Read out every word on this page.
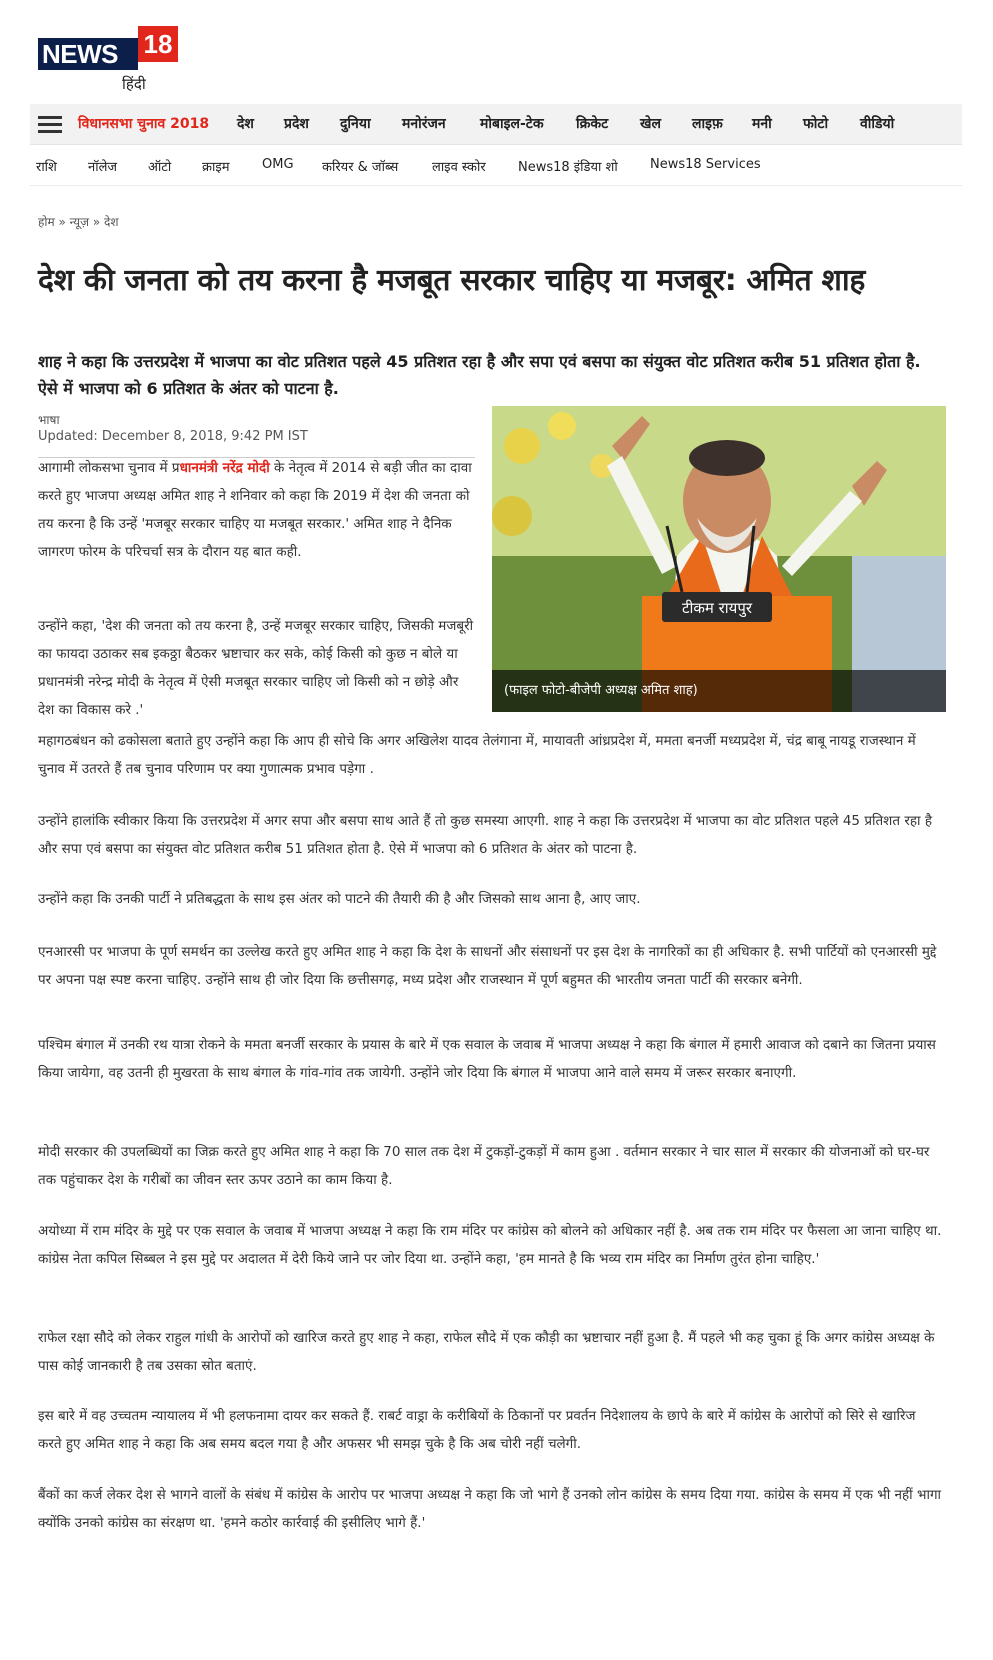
NEWS 18
हिंदी
विधानसभा चुनाव 2018 देश प्रदेश दुनिया मनोरंजन मोबाइल-टेक क्रिकेट खेल लाइफ़ मनी फोटो वीडियो
राशि नॉलेज ऑटो क्राइम OMG करियर & जॉब्स	लाइव स्कोर News18 इंडिया शो News18 Services
होम » न्यूज़ » देश
देश की जनता को तय करना है मजबूत सरकार चाहिए या मजबूर: अमित शाह
शाह ने कहा कि उत्तरप्रदेश में भाजपा का वोट प्रतिशत पहले 45 प्रतिशत रहा है और सपा एवं बसपा का संयुक्त वोट प्रतिशत करीब 51 प्रतिशत होता है. ऐसे में भाजपा को 6 प्रतिशत के अंतर को पाटना है.
भाषा
Updated: December 8, 2018, 9:42 PM IST
टीकम रायपुर
(फाइल फोटो-बीजेपी अध्यक्ष अमित शाह)

आगामी लोकसभा चुनाव में प्रधानमंत्री नरेंद्र मोदी के नेतृत्व में 2014 से बड़ी जीत का दावा करते हुए भाजपा अध्यक्ष अमित शाह ने शनिवार को कहा कि 2019 में देश की जनता को तय करना है कि उन्हें 'मजबूर सरकार चाहिए या मजबूत सरकार.' अमित शाह ने दैनिक जागरण फोरम के परिचर्चा सत्र के दौरान यह बात कही.

उन्होंने कहा, 'देश की जनता को तय करना है, उन्हें मजबूर सरकार चाहिए, जिसकी मजबूरी का फायदा उठाकर सब इकठ्ठा बैठकर भ्रष्टाचार कर सके, कोई किसी को कुछ न बोले या प्रधानमंत्री नरेन्द्र मोदी के नेतृत्व में ऐसी मजबूत सरकार चाहिए जो किसी को न छोड़े और देश का विकास करे .'

महागठबंधन को ढकोसला बताते हुए उन्होंने कहा कि आप ही सोचे कि अगर अखिलेश यादव तेलंगाना में, मायावती आंध्रप्रदेश में, ममता बनर्जी मध्यप्रदेश में, चंद्र बाबू नायडू राजस्थान में चुनाव में उतरते हैं तब चुनाव परिणाम पर क्या गुणात्मक प्रभाव पड़ेगा .

उन्होंने हालांकि स्वीकार किया कि उत्तरप्रदेश में अगर सपा और बसपा साथ आते हैं तो कुछ समस्या आएगी. शाह ने कहा कि उत्तरप्रदेश में भाजपा का वोट प्रतिशत पहले 45 प्रतिशत रहा है और सपा एवं बसपा का संयुक्त वोट प्रतिशत करीब 51 प्रतिशत होता है. ऐसे में भाजपा को 6 प्रतिशत के अंतर को पाटना है.

उन्होंने कहा कि उनकी पार्टी ने प्रतिबद्धता के साथ इस अंतर को पाटने की तैयारी की है और जिसको साथ आना है, आए जाए.

एनआरसी पर भाजपा के पूर्ण समर्थन का उल्लेख करते हुए अमित शाह ने कहा कि देश के साधनों और संसाधनों पर इस देश के नागरिकों का ही अधिकार है. सभी पार्टियों को एनआरसी मुद्दे पर अपना पक्ष स्पष्ट करना चाहिए. उन्होंने साथ ही जोर दिया कि छत्तीसगढ़, मध्य प्रदेश और राजस्थान में पूर्ण बहुमत की भारतीय जनता पार्टी की सरकार बनेगी.

पश्चिम बंगाल में उनकी रथ यात्रा रोकने के ममता बनर्जी सरकार के प्रयास के बारे में एक सवाल के जवाब में भाजपा अध्यक्ष ने कहा कि बंगाल में हमारी आवाज को दबाने का जितना प्रयास किया जायेगा, वह उतनी ही मुखरता के साथ बंगाल के गांव-गांव तक जायेगी. उन्होंने जोर दिया कि बंगाल में भाजपा आने वाले समय में जरूर सरकार बनाएगी.

मोदी सरकार की उपलब्धियों का जिक्र करते हुए अमित शाह ने कहा कि 70 साल तक देश में टुकड़ों-टुकड़ों में काम हुआ . वर्तमान सरकार ने चार साल में सरकार की योजनाओं को घर-घर तक पहुंचाकर देश के गरीबों का जीवन स्तर ऊपर उठाने का काम किया है.

अयोध्या में राम मंदिर के मुद्दे पर एक सवाल के जवाब में भाजपा अध्यक्ष ने कहा कि राम मंदिर पर कांग्रेस को बोलने को अधिकार नहीं है. अब तक राम मंदिर पर फैसला आ जाना चाहिए था. कांग्रेस नेता कपिल सिब्बल ने इस मुद्दे पर अदालत में देरी किये जाने पर जोर दिया था. उन्होंने कहा, 'हम मानते है कि भव्य राम मंदिर का निर्माण तुरंत होना चाहिए.'

राफेल रक्षा सौदे को लेकर राहुल गांधी के आरोपों को खारिज करते हुए शाह ने कहा, राफेल सौदे में एक कौड़ी का भ्रष्टाचार नहीं हुआ है. मैं पहले भी कह चुका हूं कि अगर कांग्रेस अध्यक्ष के पास कोई जानकारी है तब उसका स्रोत बताएं.

इस बारे में वह उच्चतम न्यायालय में भी हलफनामा दायर कर सकते हैं. राबर्ट वाड्रा के करीबियों के ठिकानों पर प्रवर्तन निदेशालय के छापे के बारे में कांग्रेस के आरोपों को सिरे से खारिज करते हुए अमित शाह ने कहा कि अब समय बदल गया है और अफसर भी समझ चुके है कि अब चोरी नहीं चलेगी.

बैंकों का कर्ज लेकर देश से भागने वालों के संबंध में कांग्रेस के आरोप पर भाजपा अध्यक्ष ने कहा कि जो भागे हैं उनको लोन कांग्रेस के समय दिया गया. कांग्रेस के समय में एक भी नहीं भागा क्योंकि उनको कांग्रेस का संरक्षण था. 'हमने कठोर कार्रवाई की इसीलिए भागे हैं.'
